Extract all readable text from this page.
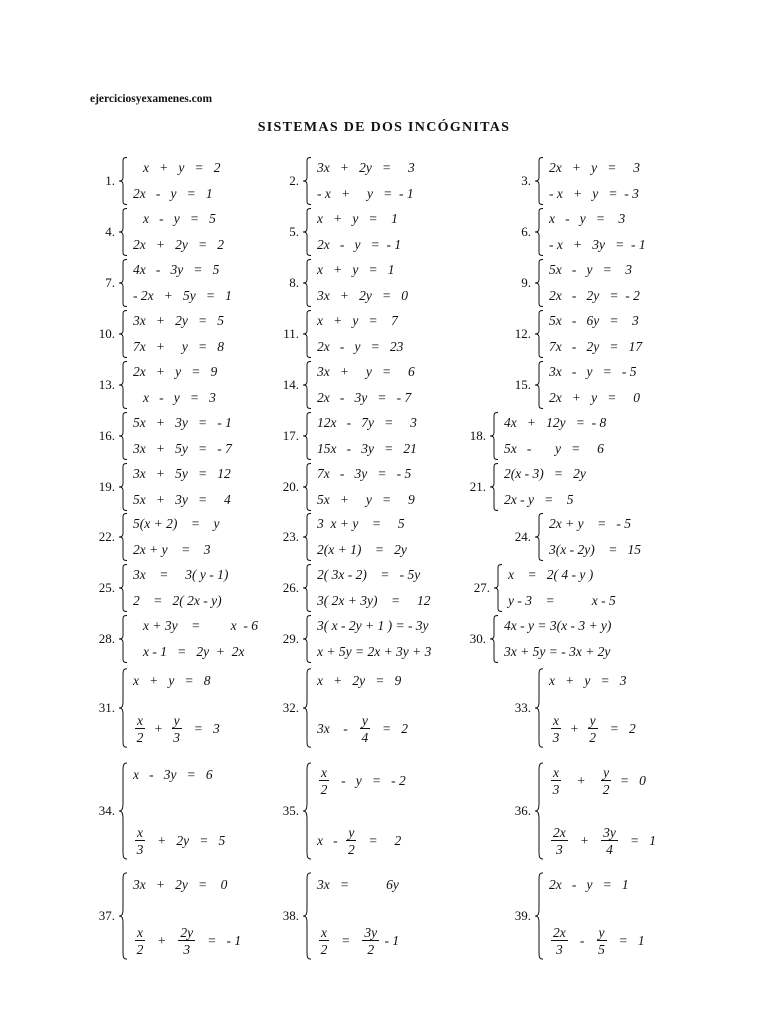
ejerciciosyexamenes.com
SISTEMAS DE DOS INCÓGNITAS
1.
x   +   y   =   2
2x   -   y   =   1
2.
3x   +   2y   =     3
- x   +     y   =  - 1
3.
2x   +   y   =     3
- x   +   y   =  - 3
4.
x   -   y   =   5
2x   +   2y   =   2
5.
x   +   y   =    1
2x   -   y   =  - 1
6.
x   -   y   =    3
- x   +   3y   =  - 1
7.
4x   -   3y   =   5
- 2x   +   5y   =   1
8.
x   +   y   =   1
3x   +   2y   =   0
9.
5x   -   y   =    3
2x   -   2y   =  - 2
10.
3x   +   2y   =   5
7x   +     y   =   8
11.
x   +   y   =    7
2x   -   y   =   23
12.
5x   -   6y   =    3
7x   -   2y   =   17
13.
2x   +   y   =   9
x   -   y   =   3
14.
3x   +     y   =     6
2x   -   3y   =   - 7
15.
3x   -   y   =   - 5
2x   +   y   =     0
16.
5x   +   3y   =   - 1
3x   +   5y   =   - 7
17.
12x   -   7y   =     3
15x   -   3y   =   21
18.
4x   +   12y   =  - 8
5x   -       y   =     6
19.
3x   +   5y   =   12
5x   +   3y   =     4
20.
7x   -   3y   =   - 5
5x   +     y   =     9
21.
2(x - 3)   =   2y
2x - y   =    5
22.
5(x + 2)    =    y
2x + y    =    3
23.
3  x + y    =     5
2(x + 1)    =   2y
24.
2x + y    =   - 5
3(x - 2y)    =   15
25.
3x    =     3( y - 1)
2    =   2( 2x - y)
26.
2( 3x - 2)    =   - 5y
3( 2x + 3y)    =     12
27.
x    =   2( 4 - y )
y - 3    =           x - 5
28.
x + 3y    =         x  - 6
x - 1   =   2y  +  2x
29.
3( x - 2y + 1 ) = - 3y
x + 5y = 2x + 3y + 3
30.
4x - y = 3(x - 3 + y)
3x + 5y = - 3x + 2y
31.
x   +   y   =   8
$\frac{x}{2} + \frac{y}{3} = 3$
32.
x   +   2y   =   9
3x    - $\frac{y}{4} = 2$
33.
x   +   y   =   3
$\frac{x}{3} + \frac{y}{2} = 2$
34.
x   -   3y   =   6
$\frac{x}{3} + 2y = 5$
35.
$\frac{x}{2}$ -   y   =   - 2
x   - $\frac{y}{2}$ =     2
36.
$\frac{x}{3} + \frac{y}{2} = 0$
$\frac{2x}{3} + \frac{3y}{4} = 1$
37.
3x   +   2y   =    0
$\frac{x}{2} + \frac{2y}{3}$ =   - 1
38.
3x   =           6y
$\frac{x}{2} = \frac{3y}{2} - 1$
39.
2x   -   y   =   1
$\frac{2x}{3} - \frac{y}{5} = 1$
